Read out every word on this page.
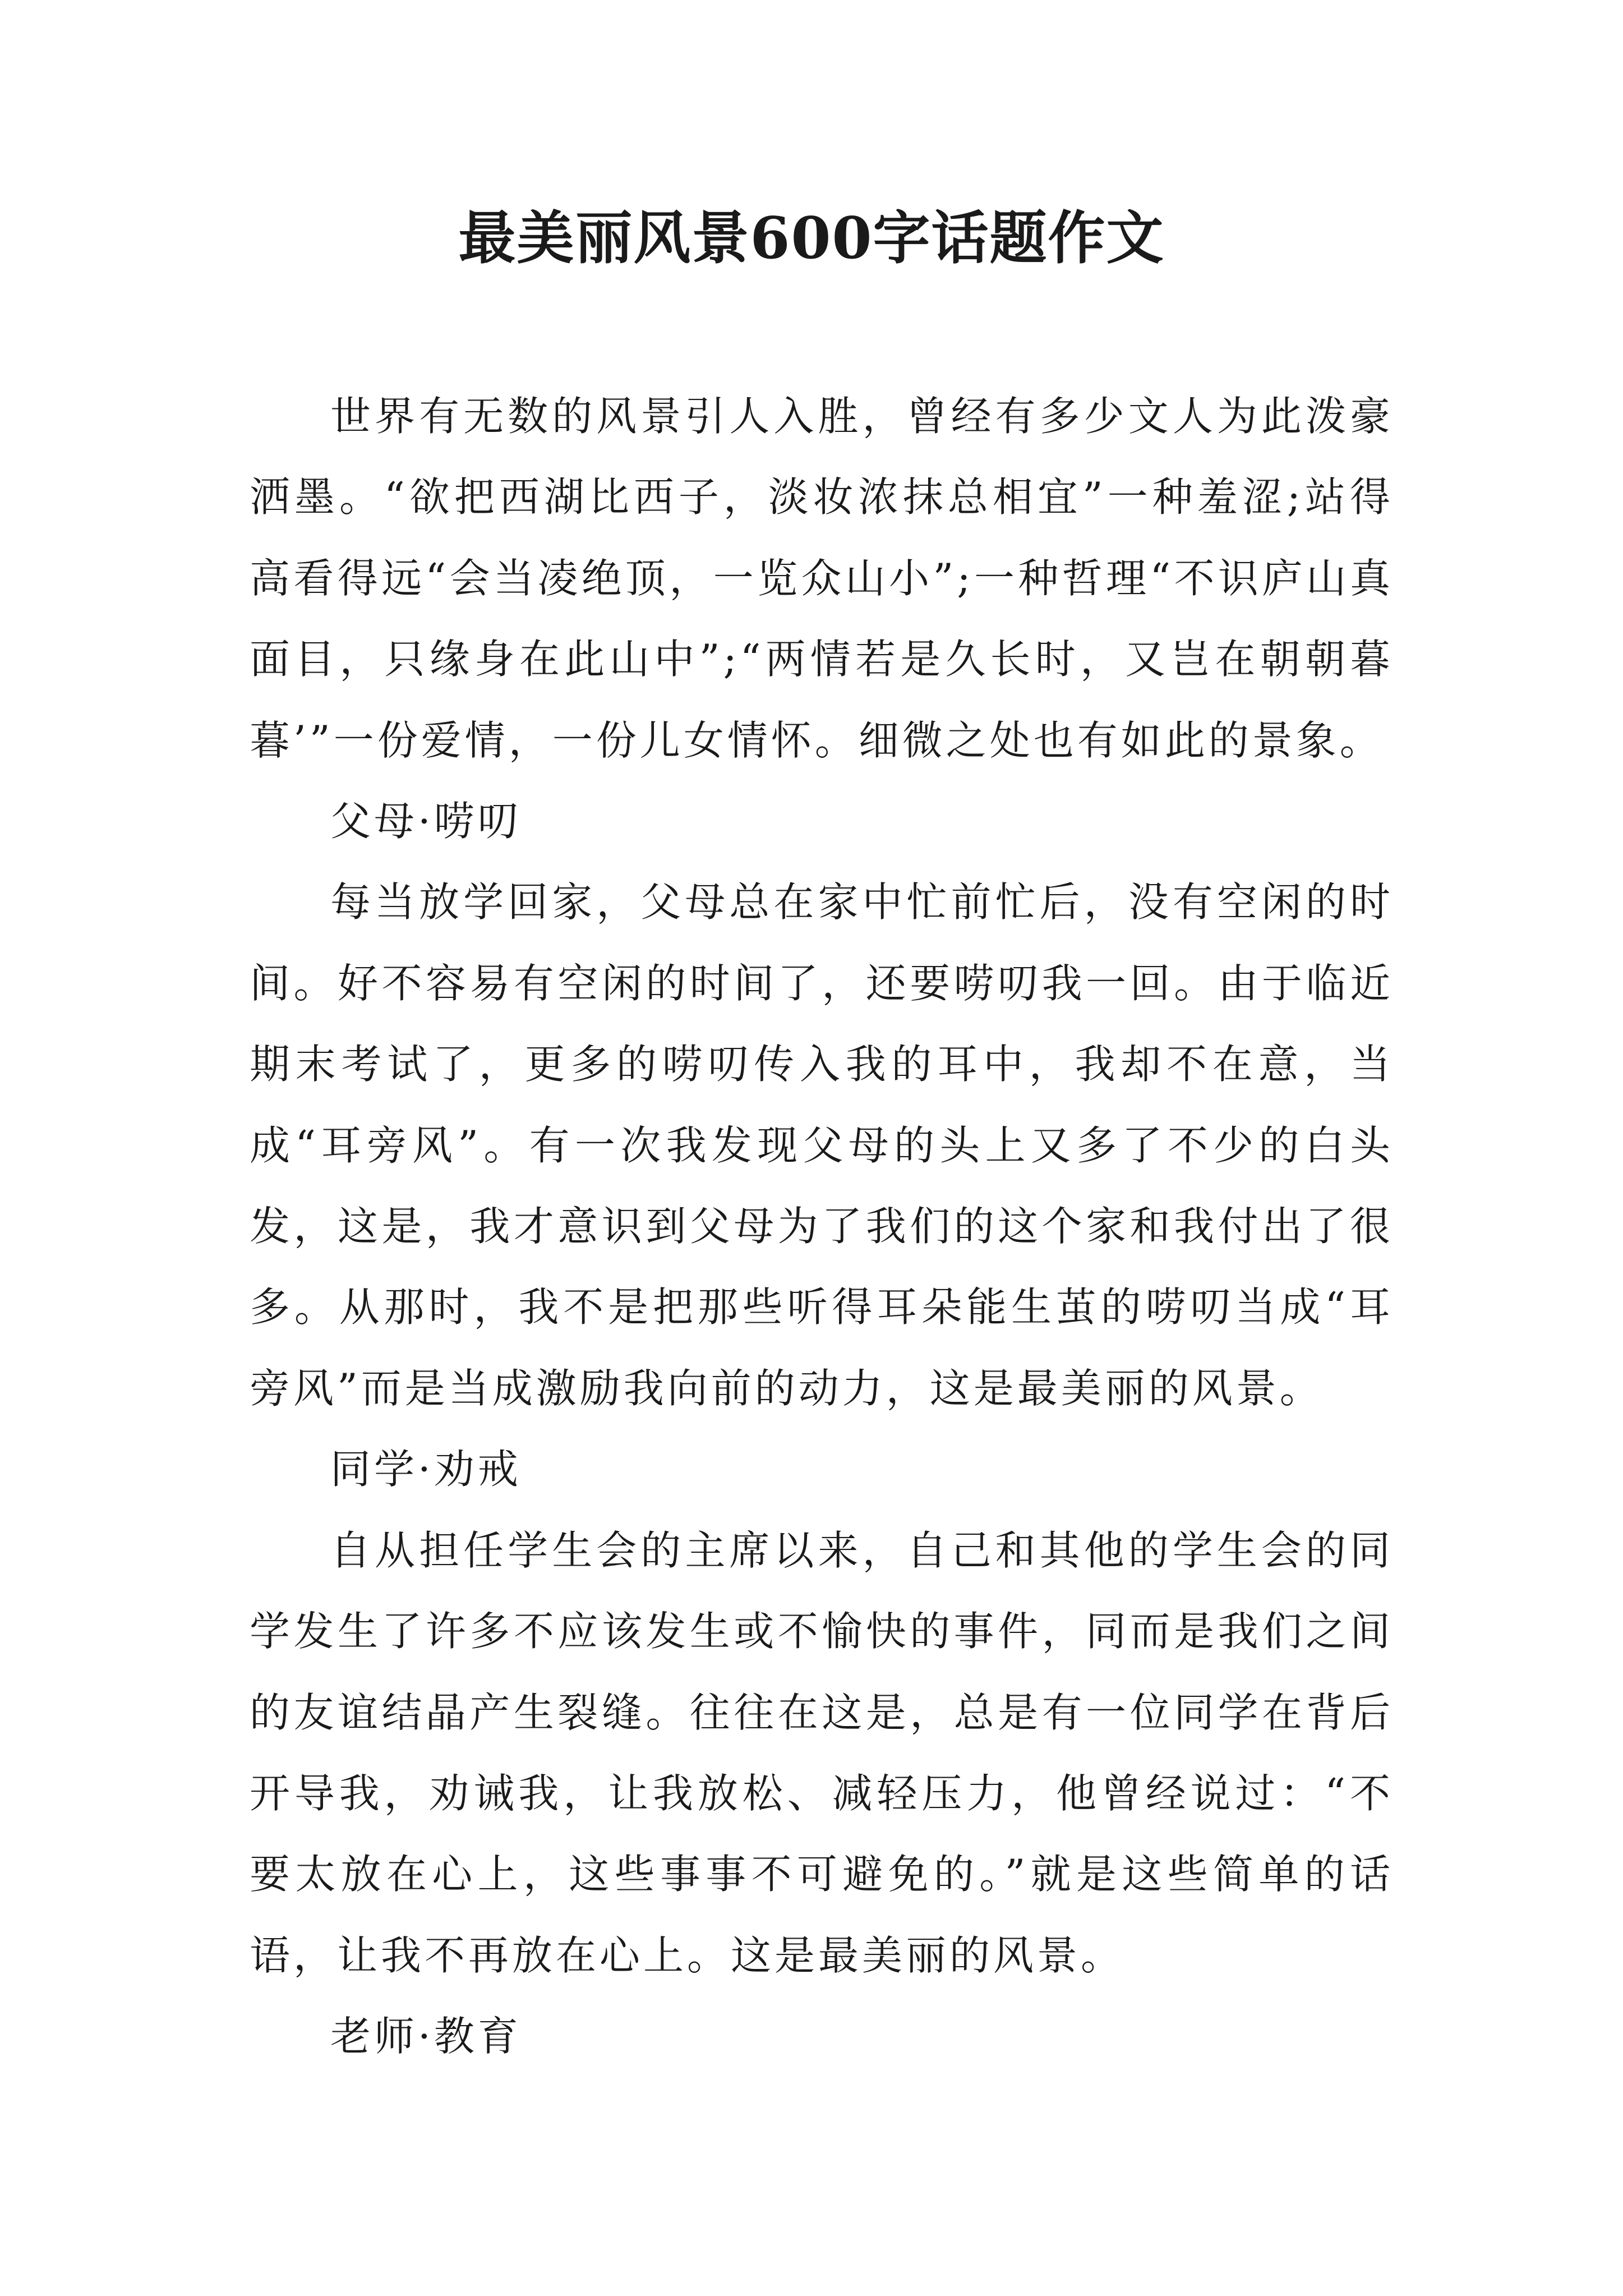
最美丽风景600字话题作文

世界有无数的风景引人入胜，曾经有多少文人为此泼豪洒墨。“欲把西湖比西子，淡妆浓抹总相宜”一种羞涩;站得高看得远“会当凌绝顶，一览众山小”;一种哲理“不识庐山真面目，只缘身在此山中”;“两情若是久长时，又岂在朝朝暮暮’”一份爱情，一份儿女情怀。细微之处也有如此的景象。

父母·唠叨

每当放学回家，父母总在家中忙前忙后，没有空闲的时间。好不容易有空闲的时间了，还要唠叨我一回。由于临近期末考试了，更多的唠叨传入我的耳中，我却不在意，当成“耳旁风”。有一次我发现父母的头上又多了不少的白头发，这是，我才意识到父母为了我们的这个家和我付出了很多。从那时，我不是把那些听得耳朵能生茧的唠叨当成“耳旁风”而是当成激励我向前的动力，这是最美丽的风景。

同学·劝戒

自从担任学生会的主席以来，自己和其他的学生会的同学发生了许多不应该发生或不愉快的事件，同而是我们之间的友谊结晶产生裂缝。往往在这是，总是有一位同学在背后开导我，劝诫我，让我放松、减轻压力，他曾经说过：“不要太放在心上，这些事事不可避免的。”就是这些简单的话语，让我不再放在心上。这是最美丽的风景。

老师·教育
